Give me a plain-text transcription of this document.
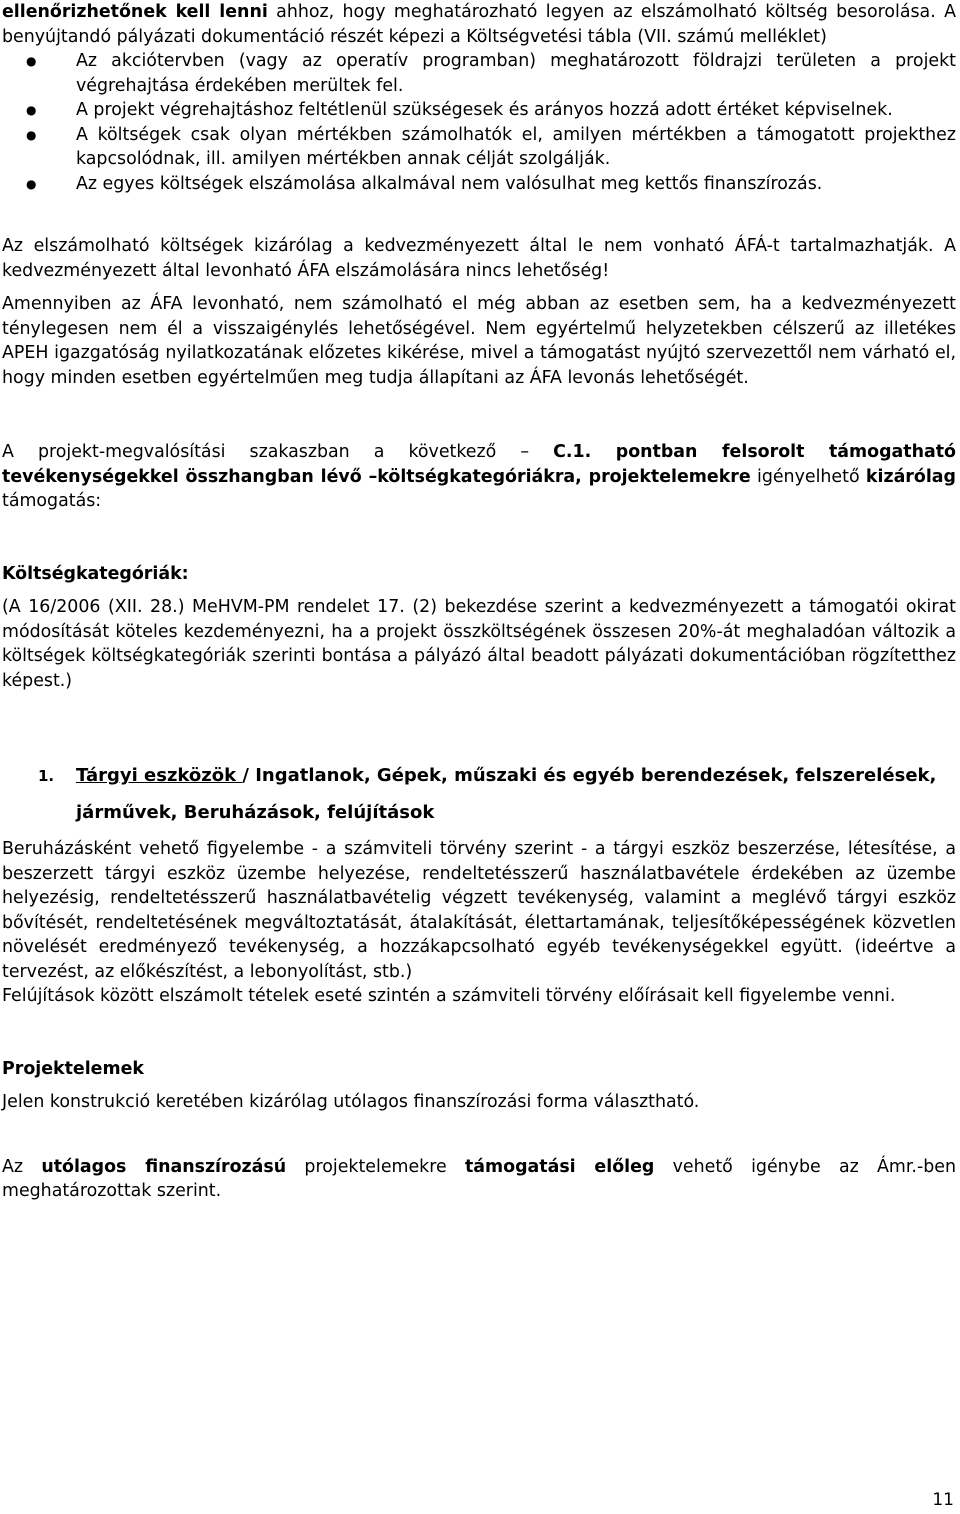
ellenőrizhetőnek kell lenni ahhoz, hogy meghatározható legyen az elszámolható költség besorolása. A benyújtandó pályázati dokumentáció részét képezi a Költségvetési tábla (VII. számú melléklet)

● Az akciótervben (vagy az operatív programban) meghatározott földrajzi területen a projekt végrehajtása érdekében merültek fel.
● A projekt végrehajtáshoz feltétlenül szükségesek és arányos hozzá adott értéket képviselnek.
● A költségek csak olyan mértékben számolhatók el, amilyen mértékben a támogatott projekthez kapcsolódnak, ill. amilyen mértékben annak célját szolgálják.
● Az egyes költségek elszámolása alkalmával nem valósulhat meg kettős finanszírozás.

Az elszámolható költségek kizárólag a kedvezményezett által le nem vonható ÁFÁ-t tartalmazhatják. A kedvezményezett által levonható ÁFA elszámolására nincs lehetőség!

Amennyiben az ÁFA levonható, nem számolható el még abban az esetben sem, ha a kedvezményezett ténylegesen nem él a visszaigénylés lehetőségével. Nem egyértelmű helyzetekben célszerű az illetékes APEH igazgatóság nyilatkozatának előzetes kikérése, mivel a támogatást nyújtó szervezettől nem várható el, hogy minden esetben egyértelműen meg tudja állapítani az ÁFA levonás lehetőségét.

A projekt-megvalósítási szakaszban a következő – C.1. pontban felsorolt támogatható tevékenységekkel összhangban lévő –költségkategóriákra, projektelemekre igényelhető kizárólag támogatás:

Költségkategóriák:

(A 16/2006 (XII. 28.) MeHVM-PM rendelet 17. (2) bekezdése szerint a kedvezményezett a támogatói okirat módosítását köteles kezdeményezni, ha a projekt összköltségének összesen 20%-át meghaladóan változik a költségek költségkategóriák szerinti bontása a pályázó által beadott pályázati dokumentációban rögzítetthez képest.)

1. Tárgyi eszközök / Ingatlanok, Gépek, műszaki és egyéb berendezések, felszerelések, járművek, Beruházások, felújítások

Beruházásként vehető figyelembe - a számviteli törvény szerint - a tárgyi eszköz beszerzése, létesítése, a beszerzett tárgyi eszköz üzembe helyezése, rendeltetésszerű használatbavétele érdekében az üzembe helyezésig, rendeltetésszerű használatbavételig végzett tevékenység, valamint a meglévő tárgyi eszköz bővítését, rendeltetésének megváltoztatását, átalakítását, élettartamának, teljesítőképességének közvetlen növelését eredményező tevékenység, a hozzákapcsolható egyéb tevékenységekkel együtt. (ideértve a tervezést, az előkészítést, a lebonyolítást, stb.)

Felújítások között elszámolt tételek eseté szintén a számviteli törvény előírásait kell figyelembe venni.

Projektelemek

Jelen konstrukció keretében kizárólag utólagos finanszírozási forma választható.

Az utólagos finanszírozású projektelemekre támogatási előleg vehető igénybe az Ámr.-ben meghatározottak szerint.

11
